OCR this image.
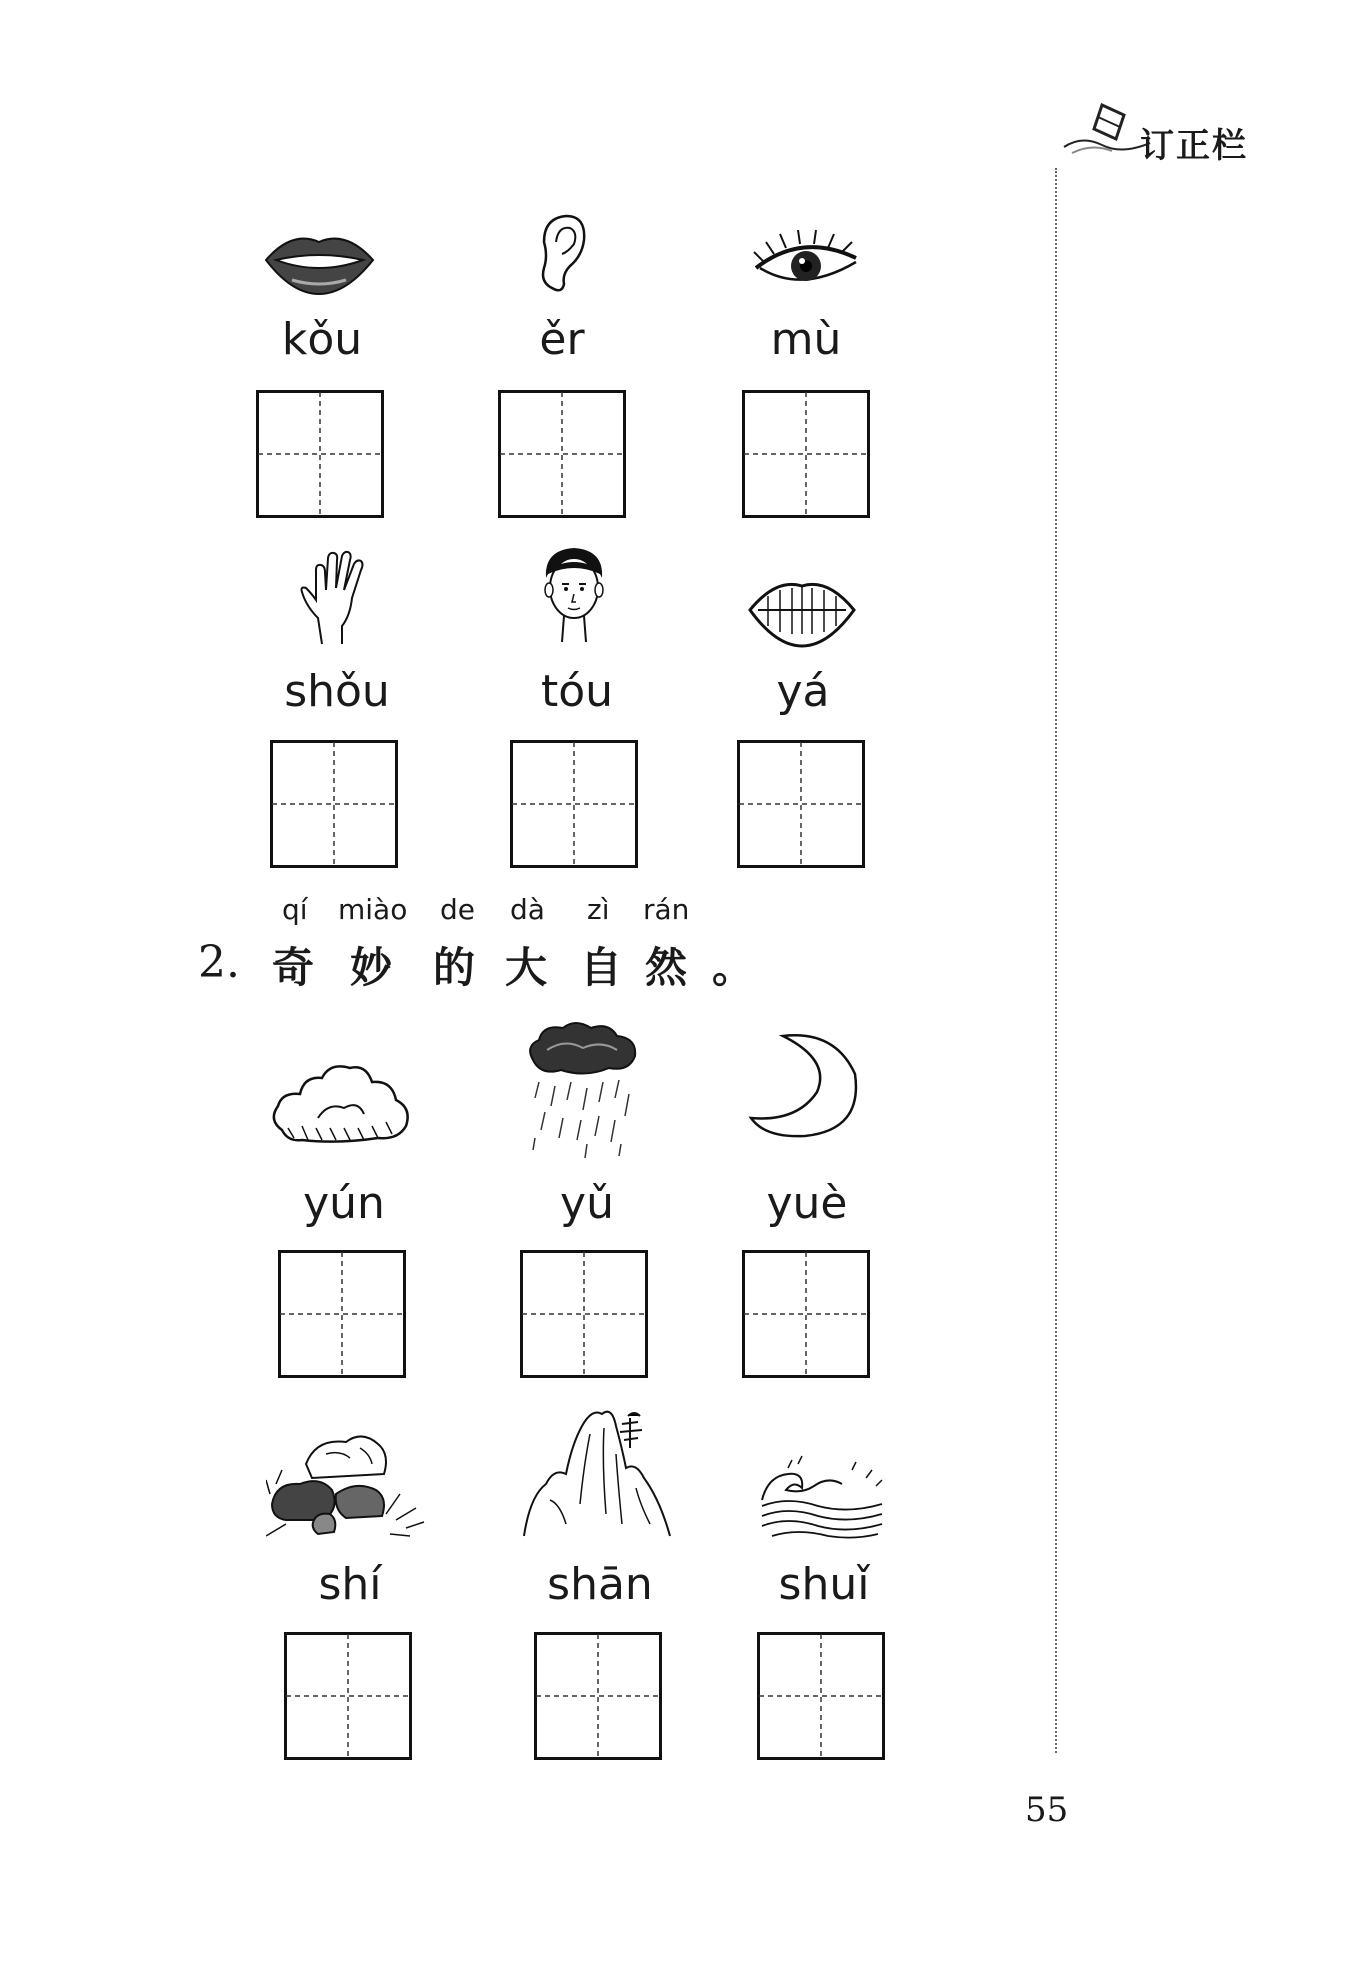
订正栏
kǒu	ěr	mù
shǒu	tóu	yá
qí miào de dà zì rán
2. 奇 妙 的 大 自 然 。
yún	yǔ	yuè
shí	shān	shuǐ
55
